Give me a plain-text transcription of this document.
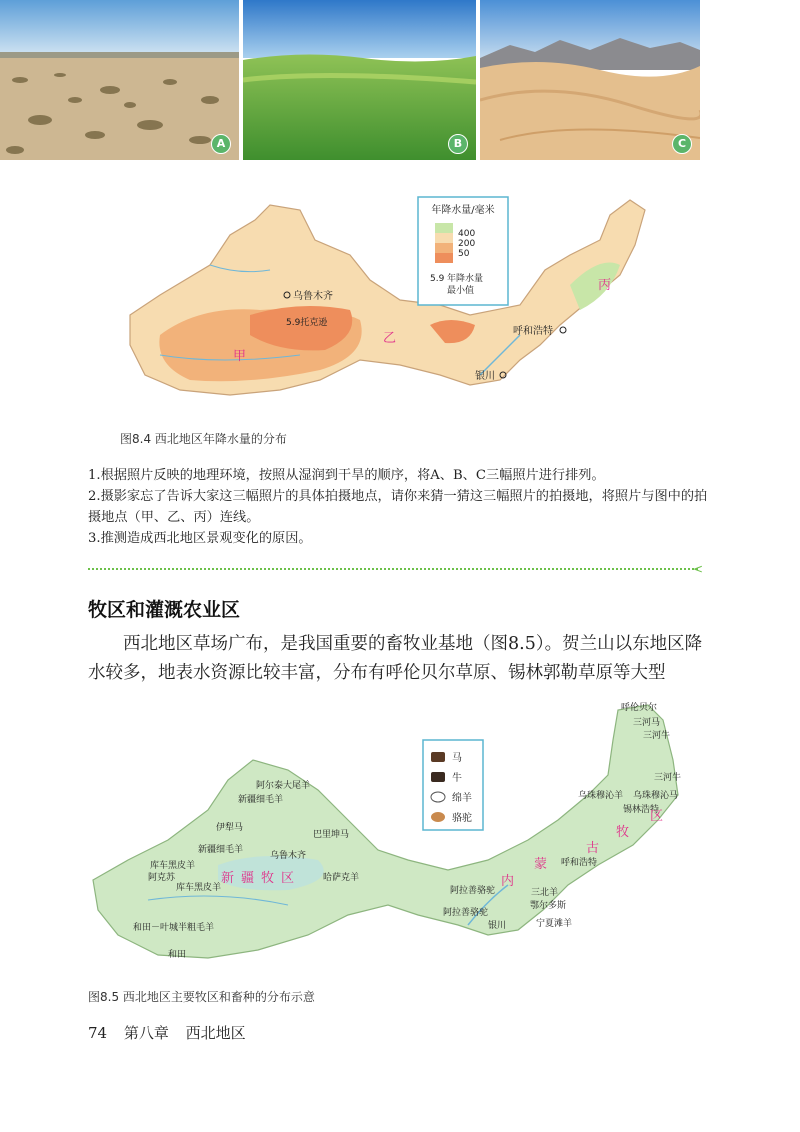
A	B	C
年降水量/毫米
400
200
50
5.9 年降水量
最小值
乌鲁木齐
5.9托克逊
呼和浩特
银川
甲
乙
丙
图8.4 西北地区年降水量的分布

1.根据照片反映的地理环境，按照从湿润到干旱的顺序，将A、B、C三幅照片进行排列。

2.摄影家忘了告诉大家这三幅照片的具体拍摄地点，请你来猜一猜这三幅照片的拍摄地，将照片与图中的拍摄地点（甲、乙、丙）连线。

3.推测造成西北地区景观变化的原因。

<
牧区和灌溉农业区

西北地区草场广布，是我国重要的畜牧业基地（图8.5）。贺兰山以东地区降水较多，地表水资源比较丰富，分布有呼伦贝尔草原、锡林郭勒草原等大型

马
牛
绵羊
骆驼
呼伦贝尔
三河马
三河牛
三河牛
乌珠穆沁羊 乌珠穆沁马
锡林浩特
阿尔泰大尾羊
新疆细毛羊
伊犁马
新疆细毛羊
巴里坤马
乌鲁木齐
库车黑皮羊
阿克苏
库车黑皮羊
哈萨克羊
和田－叶城半粗毛羊
和田
阿拉善骆驼
阿拉善骆驼
三北羊
鄂尔多斯
银川	宁夏滩羊
呼和浩特
新 疆 牧 区	内
蒙
古
牧
区
图8.5 西北地区主要牧区和畜种的分布示意
74 第八章 西北地区
